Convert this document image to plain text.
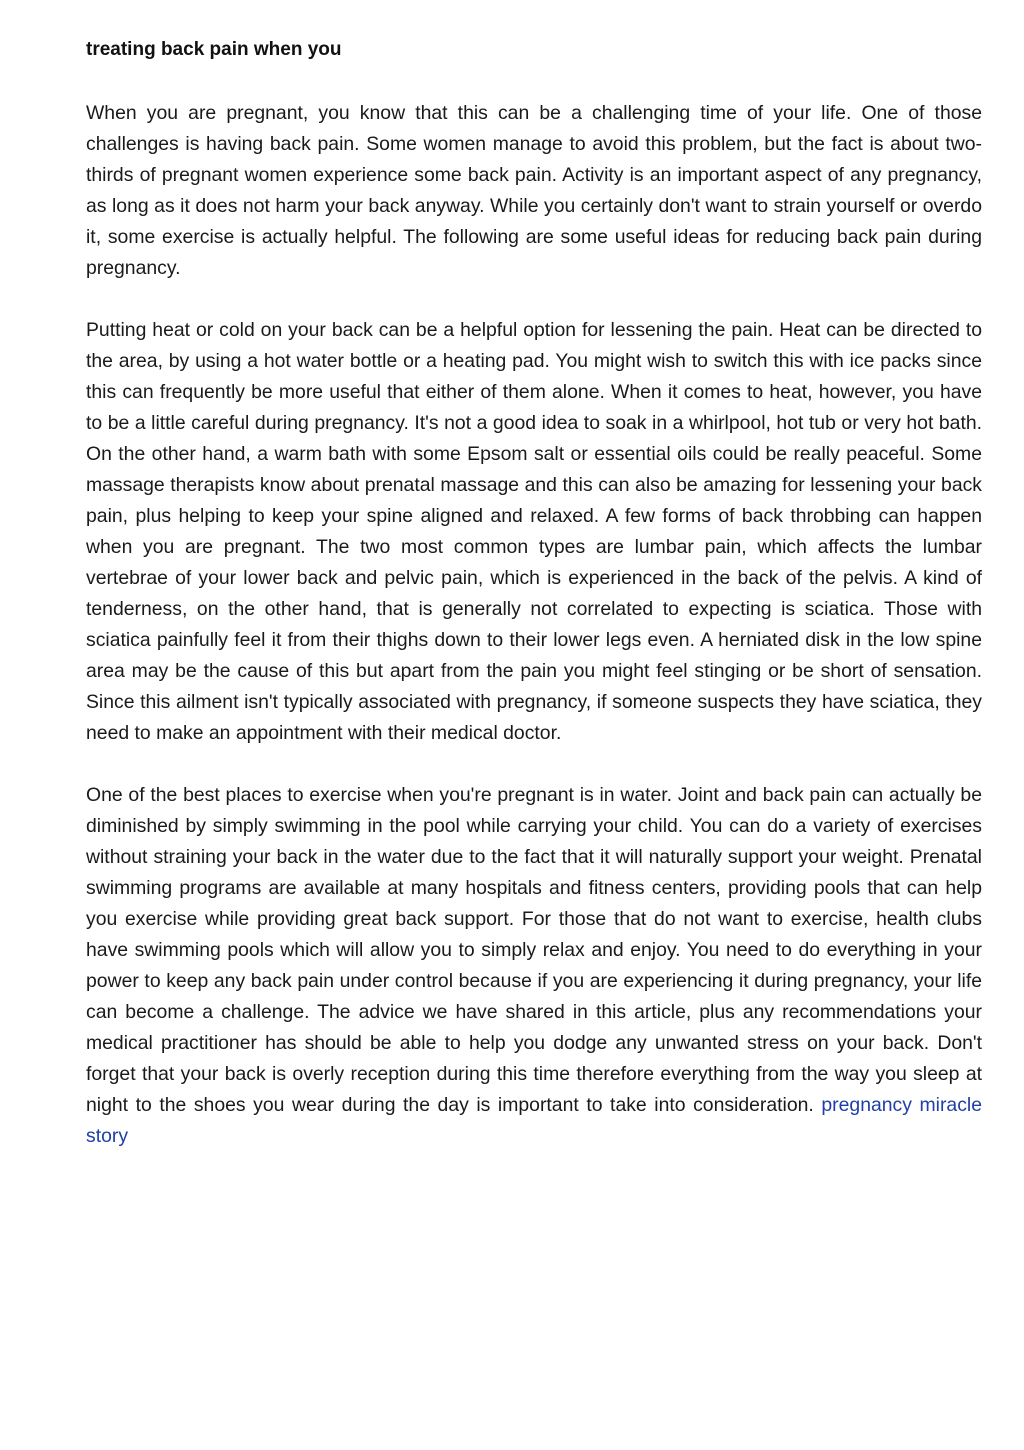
treating back pain when you

When you are pregnant, you know that this can be a challenging time of your life. One of those challenges is having back pain. Some women manage to avoid this problem, but the fact is about two-thirds of pregnant women experience some back pain. Activity is an important aspect of any pregnancy, as long as it does not harm your back anyway. While you certainly don't want to strain yourself or overdo it, some exercise is actually helpful. The following are some useful ideas for reducing back pain during pregnancy.

Putting heat or cold on your back can be a helpful option for lessening the pain. Heat can be directed to the area, by using a hot water bottle or a heating pad. You might wish to switch this with ice packs since this can frequently be more useful that either of them alone. When it comes to heat, however, you have to be a little careful during pregnancy. It's not a good idea to soak in a whirlpool, hot tub or very hot bath. On the other hand, a warm bath with some Epsom salt or essential oils could be really peaceful. Some massage therapists know about prenatal massage and this can also be amazing for lessening your back pain, plus helping to keep your spine aligned and relaxed. A few forms of back throbbing can happen when you are pregnant. The two most common types are lumbar pain, which affects the lumbar vertebrae of your lower back and pelvic pain, which is experienced in the back of the pelvis. A kind of tenderness, on the other hand, that is generally not correlated to expecting is sciatica. Those with sciatica painfully feel it from their thighs down to their lower legs even. A herniated disk in the low spine area may be the cause of this but apart from the pain you might feel stinging or be short of sensation. Since this ailment isn't typically associated with pregnancy, if someone suspects they have sciatica, they need to make an appointment with their medical doctor.

One of the best places to exercise when you're pregnant is in water. Joint and back pain can actually be diminished by simply swimming in the pool while carrying your child. You can do a variety of exercises without straining your back in the water due to the fact that it will naturally support your weight. Prenatal swimming programs are available at many hospitals and fitness centers, providing pools that can help you exercise while providing great back support. For those that do not want to exercise, health clubs have swimming pools which will allow you to simply relax and enjoy. You need to do everything in your power to keep any back pain under control because if you are experiencing it during pregnancy, your life can become a challenge. The advice we have shared in this article, plus any recommendations your medical practitioner has should be able to help you dodge any unwanted stress on your back. Don't forget that your back is overly reception during this time therefore everything from the way you sleep at night to the shoes you wear during the day is important to take into consideration. pregnancy miracle story
